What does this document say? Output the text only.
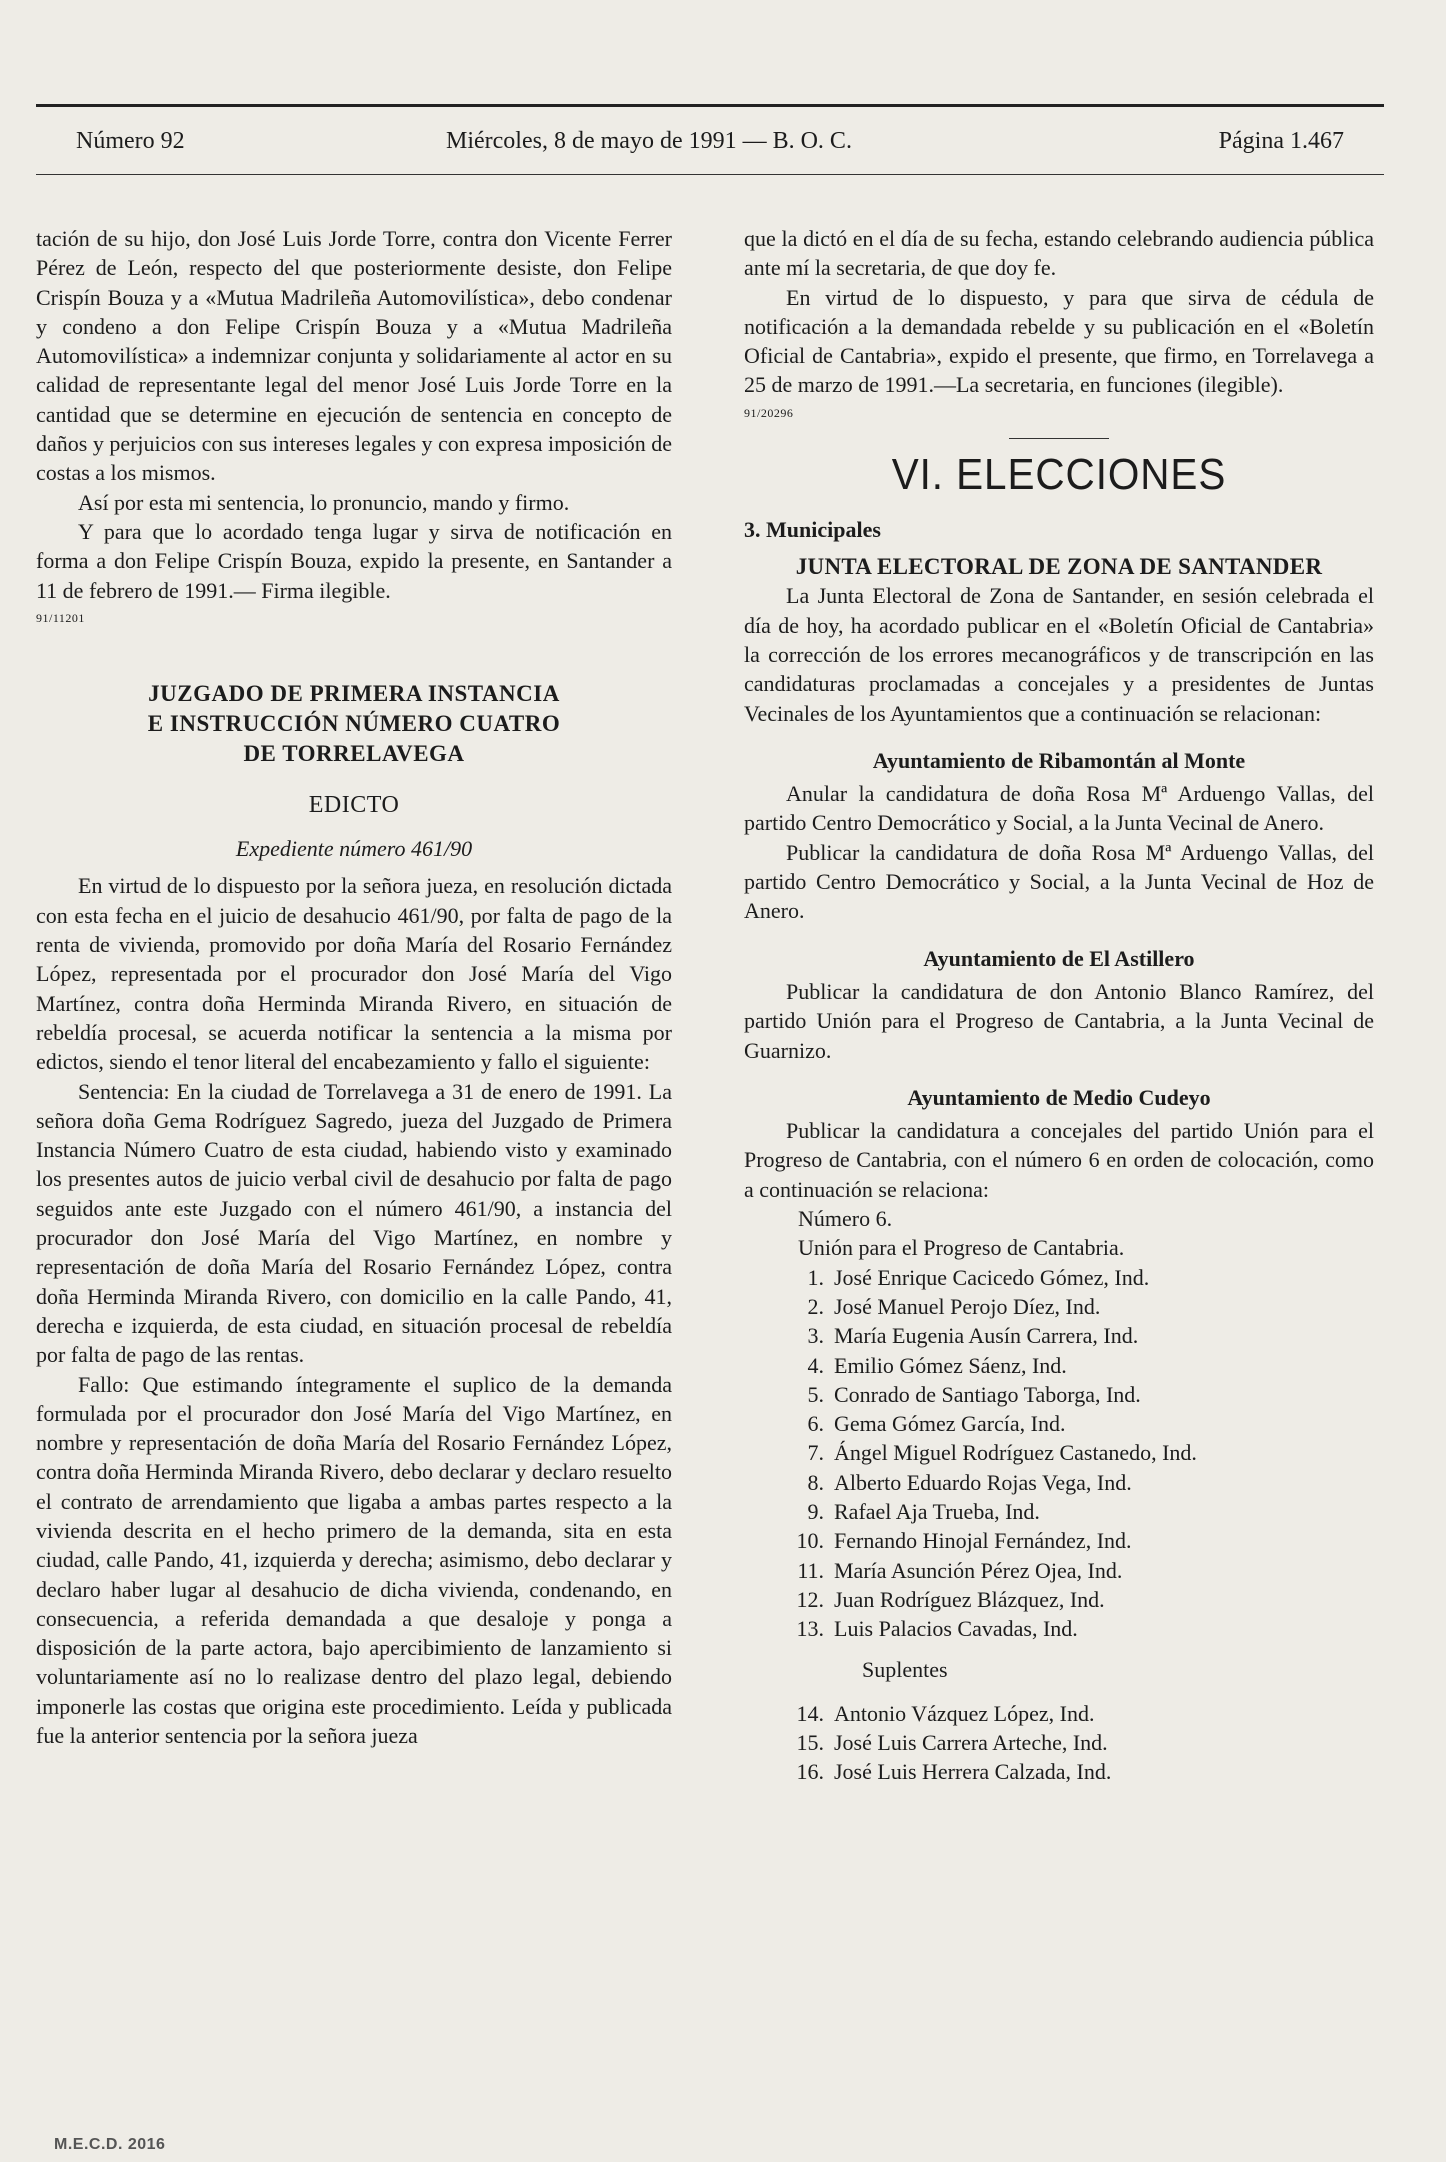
Número 92	Miércoles, 8 de mayo de 1991 — B. O. C.	Página 1.467

tación de su hijo, don José Luis Jorde Torre, contra don Vicente Ferrer Pérez de León, respecto del que posteriormente desiste, don Felipe Crispín Bouza y a «Mutua Madrileña Automovilística», debo condenar y condeno a don Felipe Crispín Bouza y a «Mutua Madrileña Automovilística» a indemnizar conjunta y solidariamente al actor en su calidad de representante legal del menor José Luis Jorde Torre en la cantidad que se determine en ejecución de sentencia en concepto de daños y perjuicios con sus intereses legales y con expresa imposición de costas a los mismos.

Así por esta mi sentencia, lo pronuncio, mando y firmo.

Y para que lo acordado tenga lugar y sirva de notificación en forma a don Felipe Crispín Bouza, expido la presente, en Santander a 11 de febrero de 1991.— Firma ilegible.

91/11201

JUZGADO DE PRIMERA INSTANCIA
E INSTRUCCIÓN NÚMERO CUATRO
DE TORRELAVEGA
EDICTO
Expediente número 461/90

En virtud de lo dispuesto por la señora jueza, en resolución dictada con esta fecha en el juicio de desahucio 461/90, por falta de pago de la renta de vivienda, promovido por doña María del Rosario Fernández López, representada por el procurador don José María del Vigo Martínez, contra doña Herminda Miranda Rivero, en situación de rebeldía procesal, se acuerda notificar la sentencia a la misma por edictos, siendo el tenor literal del encabezamiento y fallo el siguiente:

Sentencia: En la ciudad de Torrelavega a 31 de enero de 1991. La señora doña Gema Rodríguez Sagredo, jueza del Juzgado de Primera Instancia Número Cuatro de esta ciudad, habiendo visto y examinado los presentes autos de juicio verbal civil de desahucio por falta de pago seguidos ante este Juzgado con el número 461/90, a instancia del procurador don José María del Vigo Martínez, en nombre y representación de doña María del Rosario Fernández López, contra doña Herminda Miranda Rivero, con domicilio en la calle Pando, 41, derecha e izquierda, de esta ciudad, en situación procesal de rebeldía por falta de pago de las rentas.

Fallo: Que estimando íntegramente el suplico de la demanda formulada por el procurador don José María del Vigo Martínez, en nombre y representación de doña María del Rosario Fernández López, contra doña Herminda Miranda Rivero, debo declarar y declaro resuelto el contrato de arrendamiento que ligaba a ambas partes respecto a la vivienda descrita en el hecho primero de la demanda, sita en esta ciudad, calle Pando, 41, izquierda y derecha; asimismo, debo declarar y declaro haber lugar al desahucio de dicha vivienda, condenando, en consecuencia, a referida demandada a que desaloje y ponga a disposición de la parte actora, bajo apercibimiento de lanzamiento si voluntariamente así no lo realizase dentro del plazo legal, debiendo imponerle las costas que origina este procedimiento. Leída y publicada fue la anterior sentencia por la señora jueza

que la dictó en el día de su fecha, estando celebrando audiencia pública ante mí la secretaria, de que doy fe.

En virtud de lo dispuesto, y para que sirva de cédula de notificación a la demandada rebelde y su publicación en el «Boletín Oficial de Cantabria», expido el presente, que firmo, en Torrelavega a 25 de marzo de 1991.—La secretaria, en funciones (ilegible).

91/20296

VI. ELECCIONES
3. Municipales
JUNTA ELECTORAL DE ZONA DE SANTANDER

La Junta Electoral de Zona de Santander, en sesión celebrada el día de hoy, ha acordado publicar en el «Boletín Oficial de Cantabria» la corrección de los errores mecanográficos y de transcripción en las candidaturas proclamadas a concejales y a presidentes de Juntas Vecinales de los Ayuntamientos que a continuación se relacionan:

Ayuntamiento de Ribamontán al Monte

Anular la candidatura de doña Rosa Mª Arduengo Vallas, del partido Centro Democrático y Social, a la Junta Vecinal de Anero.

Publicar la candidatura de doña Rosa Mª Arduengo Vallas, del partido Centro Democrático y Social, a la Junta Vecinal de Hoz de Anero.

Ayuntamiento de El Astillero

Publicar la candidatura de don Antonio Blanco Ramírez, del partido Unión para el Progreso de Cantabria, a la Junta Vecinal de Guarnizo.

Ayuntamiento de Medio Cudeyo

Publicar la candidatura a concejales del partido Unión para el Progreso de Cantabria, con el número 6 en orden de colocación, como a continuación se relaciona:

Número 6.
Unión para el Progreso de Cantabria.
1. José Enrique Cacicedo Gómez, Ind.
2. José Manuel Perojo Díez, Ind.
3. María Eugenia Ausín Carrera, Ind.
4. Emilio Gómez Sáenz, Ind.
5. Conrado de Santiago Taborga, Ind.
6. Gema Gómez García, Ind.
7. Ángel Miguel Rodríguez Castanedo, Ind.
8. Alberto Eduardo Rojas Vega, Ind.
9. Rafael Aja Trueba, Ind.
10. Fernando Hinojal Fernández, Ind.
11. María Asunción Pérez Ojea, Ind.
12. Juan Rodríguez Blázquez, Ind.
13. Luis Palacios Cavadas, Ind.
Suplentes
14. Antonio Vázquez López, Ind.
15. José Luis Carrera Arteche, Ind.
16. José Luis Herrera Calzada, Ind.
M.E.C.D. 2016
